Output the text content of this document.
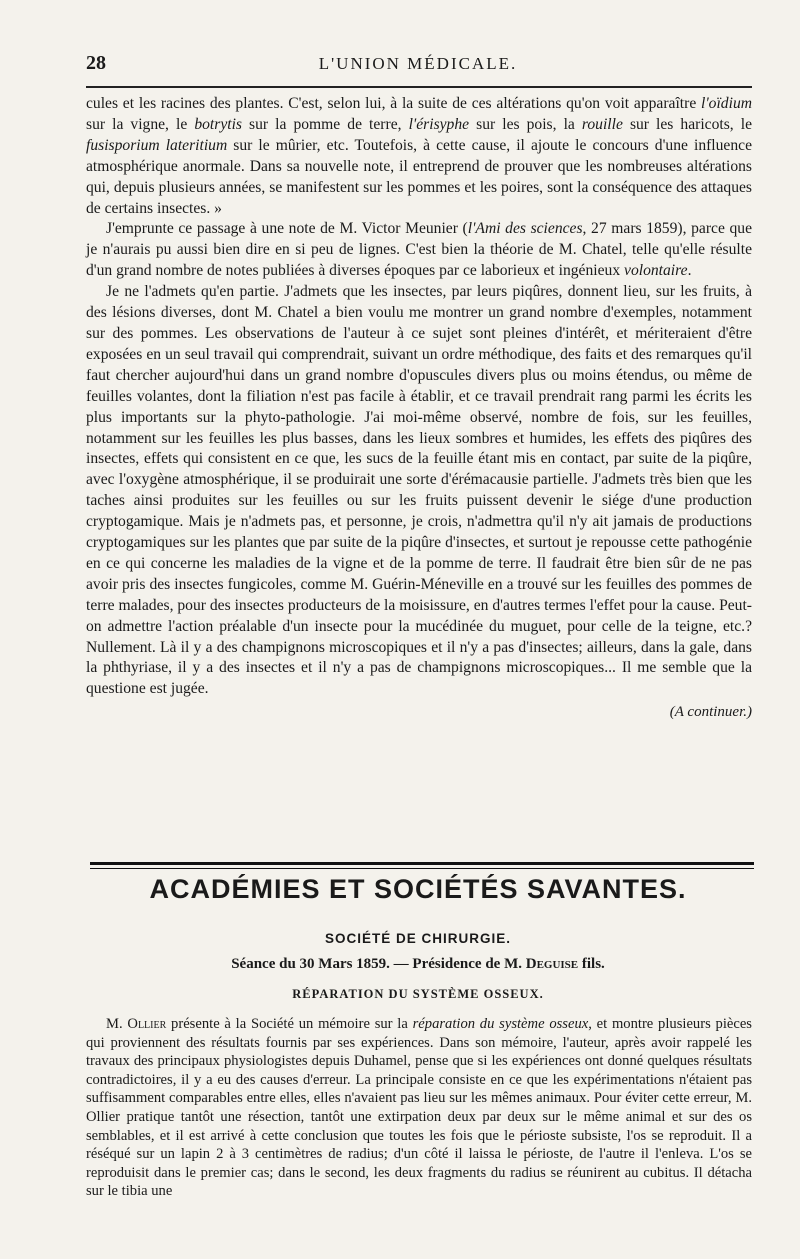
28	L'UNION MÉDICALE.

cules et les racines des plantes. C'est, selon lui, à la suite de ces altérations qu'on voit apparaître l'oïdium sur la vigne, le botrytis sur la pomme de terre, l'érisyphe sur les pois, la rouille sur les haricots, le fusisporium lateritium sur le mûrier, etc. Toutefois, à cette cause, il ajoute le concours d'une influence atmosphérique anormale. Dans sa nouvelle note, il entreprend de prouver que les nombreuses altérations qui, depuis plusieurs années, se manifestent sur les pommes et les poires, sont la conséquence des attaques de certains insectes. »

J'emprunte ce passage à une note de M. Victor Meunier (l'Ami des sciences, 27 mars 1859), parce que je n'aurais pu aussi bien dire en si peu de lignes. C'est bien la théorie de M. Chatel, telle qu'elle résulte d'un grand nombre de notes publiées à diverses époques par ce laborieux et ingénieux volontaire.

Je ne l'admets qu'en partie. J'admets que les insectes, par leurs piqûres, donnent lieu, sur les fruits, à des lésions diverses, dont M. Chatel a bien voulu me montrer un grand nombre d'exemples, notamment sur des pommes. Les observations de l'auteur à ce sujet sont pleines d'intérêt, et mériteraient d'être exposées en un seul travail qui comprendrait, suivant un ordre méthodique, des faits et des remarques qu'il faut chercher aujourd'hui dans un grand nombre d'opuscules divers plus ou moins étendus, ou même de feuilles volantes, dont la filiation n'est pas facile à établir, et ce travail prendrait rang parmi les écrits les plus importants sur la phyto-pathologie. J'ai moi-même observé, nombre de fois, sur les feuilles, notamment sur les feuilles les plus basses, dans les lieux sombres et humides, les effets des piqûres des insectes, effets qui consistent en ce que, les sucs de la feuille étant mis en contact, par suite de la piqûre, avec l'oxygène atmosphérique, il se produirait une sorte d'érémacausie partielle. J'admets très bien que les taches ainsi produites sur les feuilles ou sur les fruits puissent devenir le siége d'une production cryptogamique. Mais je n'admets pas, et personne, je crois, n'admettra qu'il n'y ait jamais de productions cryptogamiques sur les plantes que par suite de la piqûre d'insectes, et surtout je repousse cette pathogénie en ce qui concerne les maladies de la vigne et de la pomme de terre. Il faudrait être bien sûr de ne pas avoir pris des insectes fungicoles, comme M. Guérin-Méneville en a trouvé sur les feuilles des pommes de terre malades, pour des insectes producteurs de la moisissure, en d'autres termes l'effet pour la cause. Peut-on admettre l'action préalable d'un insecte pour la mucédinée du muguet, pour celle de la teigne, etc.? Nullement. Là il y a des champignons microscopiques et il n'y a pas d'insectes; ailleurs, dans la gale, dans la phthyriase, il y a des insectes et il n'y a pas de champignons microscopiques... Il me semble que la questione est jugée.

(A continuer.)
ACADÉMIES ET SOCIÉTÉS SAVANTES.
SOCIÉTÉ DE CHIRURGIE.
Séance du 30 Mars 1859. — Présidence de M. Deguise fils.
RÉPARATION DU SYSTÈME OSSEUX.

M. Ollier présente à la Société un mémoire sur la réparation du système osseux, et montre plusieurs pièces qui proviennent des résultats fournis par ses expériences. Dans son mémoire, l'auteur, après avoir rappelé les travaux des principaux physiologistes depuis Duhamel, pense que si les expériences ont donné quelques résultats contradictoires, il y a eu des causes d'erreur. La principale consiste en ce que les expérimentations n'étaient pas suffisamment comparables entre elles, elles n'avaient pas lieu sur les mêmes animaux. Pour éviter cette erreur, M. Ollier pratique tantôt une résection, tantôt une extirpation deux par deux sur le même animal et sur des os semblables, et il est arrivé à cette conclusion que toutes les fois que le périoste subsiste, l'os se reproduit. Il a réséqué sur un lapin 2 à 3 centimètres de radius; d'un côté il laissa le périoste, de l'autre il l'enleva. L'os se reproduisit dans le premier cas; dans le second, les deux fragments du radius se réunirent au cubitus. Il détacha sur le tibia une
